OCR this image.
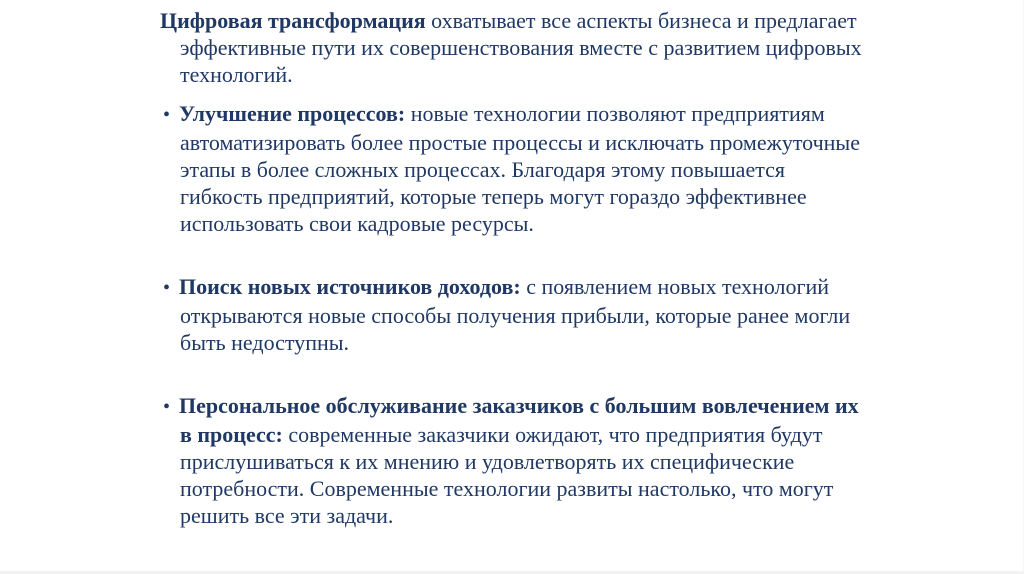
Цифровая трансформация охватывает все аспекты бизнеса и предлагает эффективные пути их совершенствования вместе с развитием цифровых технологий.

• Улучшение процессов: новые технологии позволяют предприятиям автоматизировать более простые процессы и исключать промежуточные этапы в более сложных процессах. Благодаря этому повышается гибкость предприятий, которые теперь могут гораздо эффективнее использовать свои кадровые ресурсы.

• Поиск новых источников доходов: с появлением новых технологий открываются новые способы получения прибыли, которые ранее могли быть недоступны.

• Персональное обслуживание заказчиков с большим вовлечением их в процесс: современные заказчики ожидают, что предприятия будут прислушиваться к их мнению и удовлетворять их специфические потребности. Современные технологии развиты настолько, что могут решить все эти задачи.
